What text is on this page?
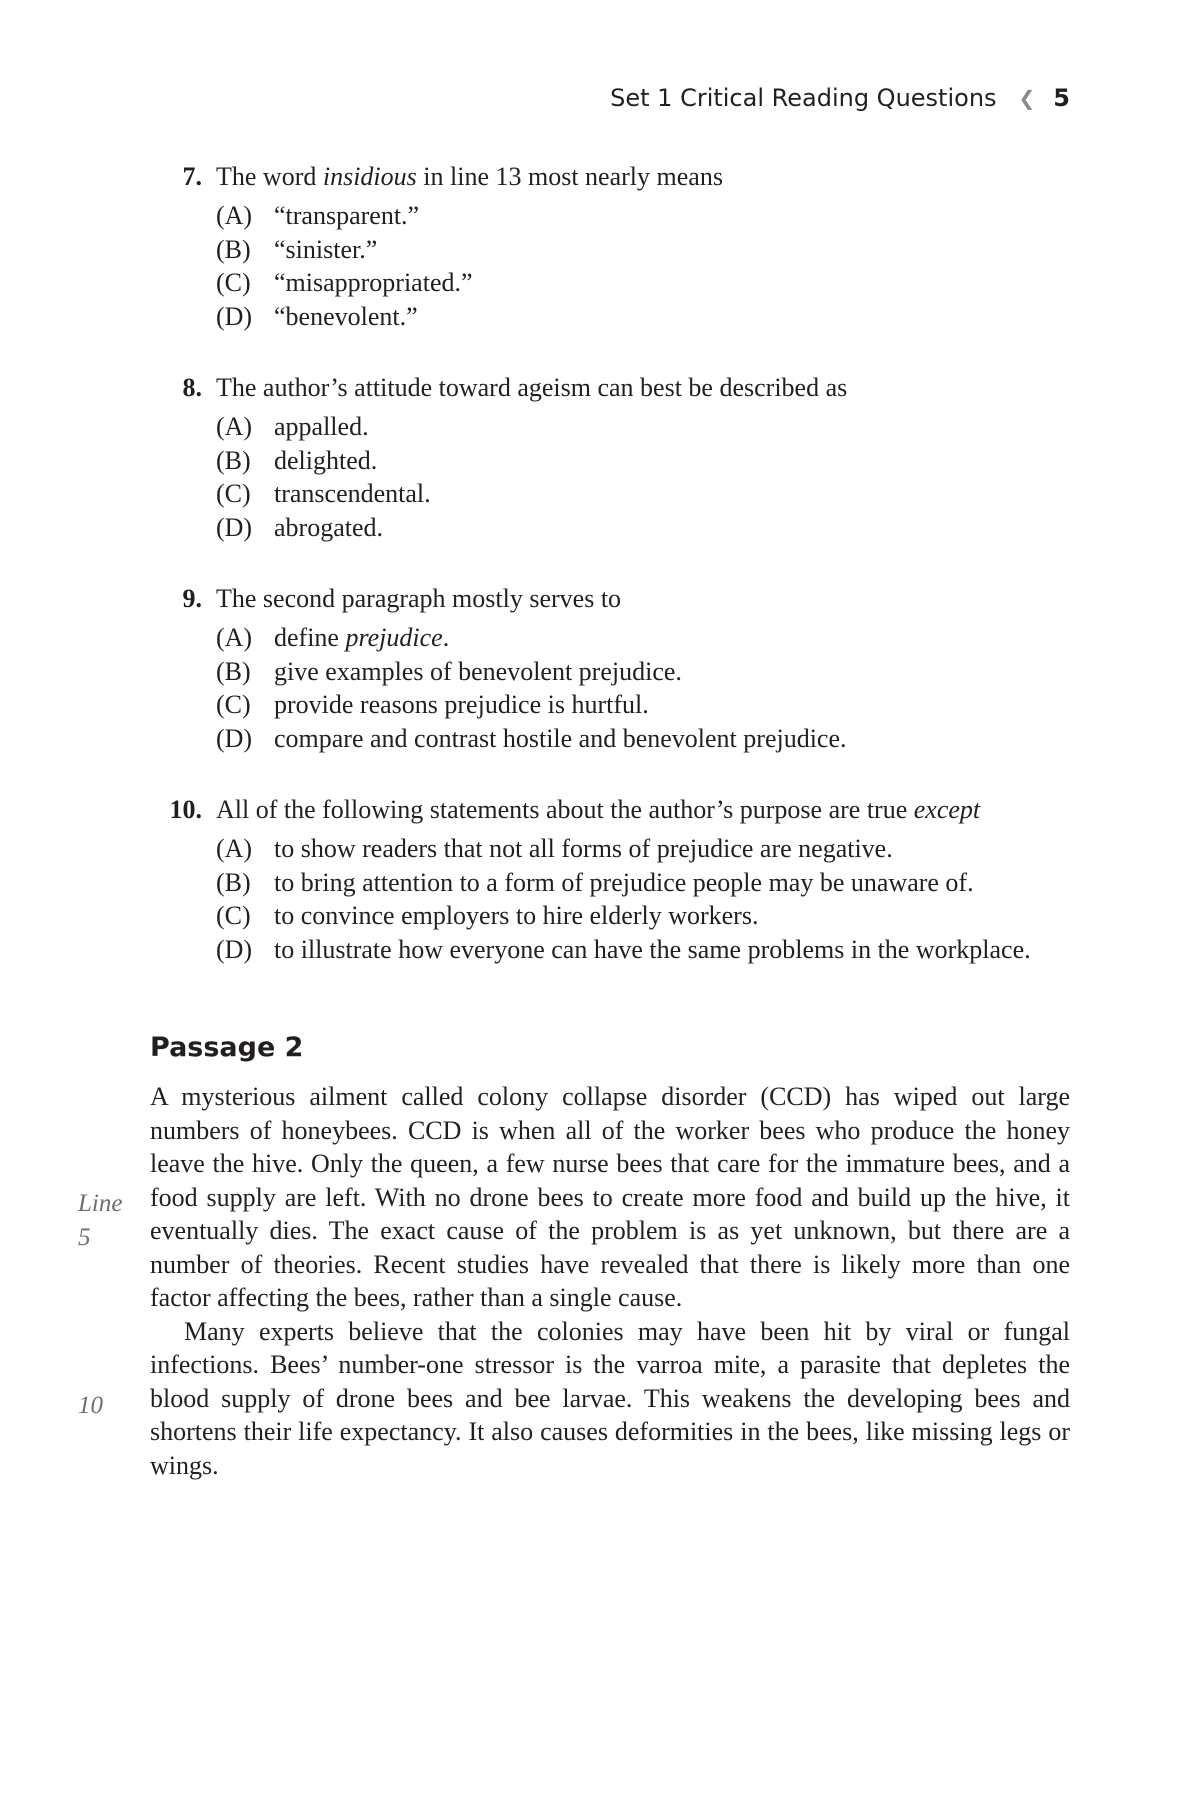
Set 1 Critical Reading Questions ❮ 5
7. The word insidious in line 13 most nearly means
(A) “transparent.”
(B) “sinister.”
(C) “misappropriated.”
(D) “benevolent.”
8. The author’s attitude toward ageism can best be described as
(A) appalled.
(B) delighted.
(C) transcendental.
(D) abrogated.
9. The second paragraph mostly serves to
(A) define prejudice.
(B) give examples of benevolent prejudice.
(C) provide reasons prejudice is hurtful.
(D) compare and contrast hostile and benevolent prejudice.
10. All of the following statements about the author’s purpose are true except
(A) to show readers that not all forms of prejudice are negative.
(B) to bring attention to a form of prejudice people may be unaware of.
(C) to convince employers to hire elderly workers.
(D) to illustrate how everyone can have the same problems in the workplace.
Passage 2

A mysterious ailment called colony collapse disorder (CCD) has wiped out large numbers of honeybees. CCD is when all of the worker bees who produce the honey leave the hive. Only the queen, a few nurse bees that care for the immature bees, and a food supply are left. With no drone bees to create more food and build up the hive, it eventually dies. The exact cause of the problem is as yet unknown, but there are a number of theories. Recent studies have revealed that there is likely more than one factor affecting the bees, rather than a single cause.

Many experts believe that the colonies may have been hit by viral or fungal infections. Bees’ number-one stressor is the varroa mite, a parasite that depletes the blood supply of drone bees and bee larvae. This weakens the developing bees and shortens their life expectancy. It also causes deformities in the bees, like missing legs or wings.

Line
5
10
